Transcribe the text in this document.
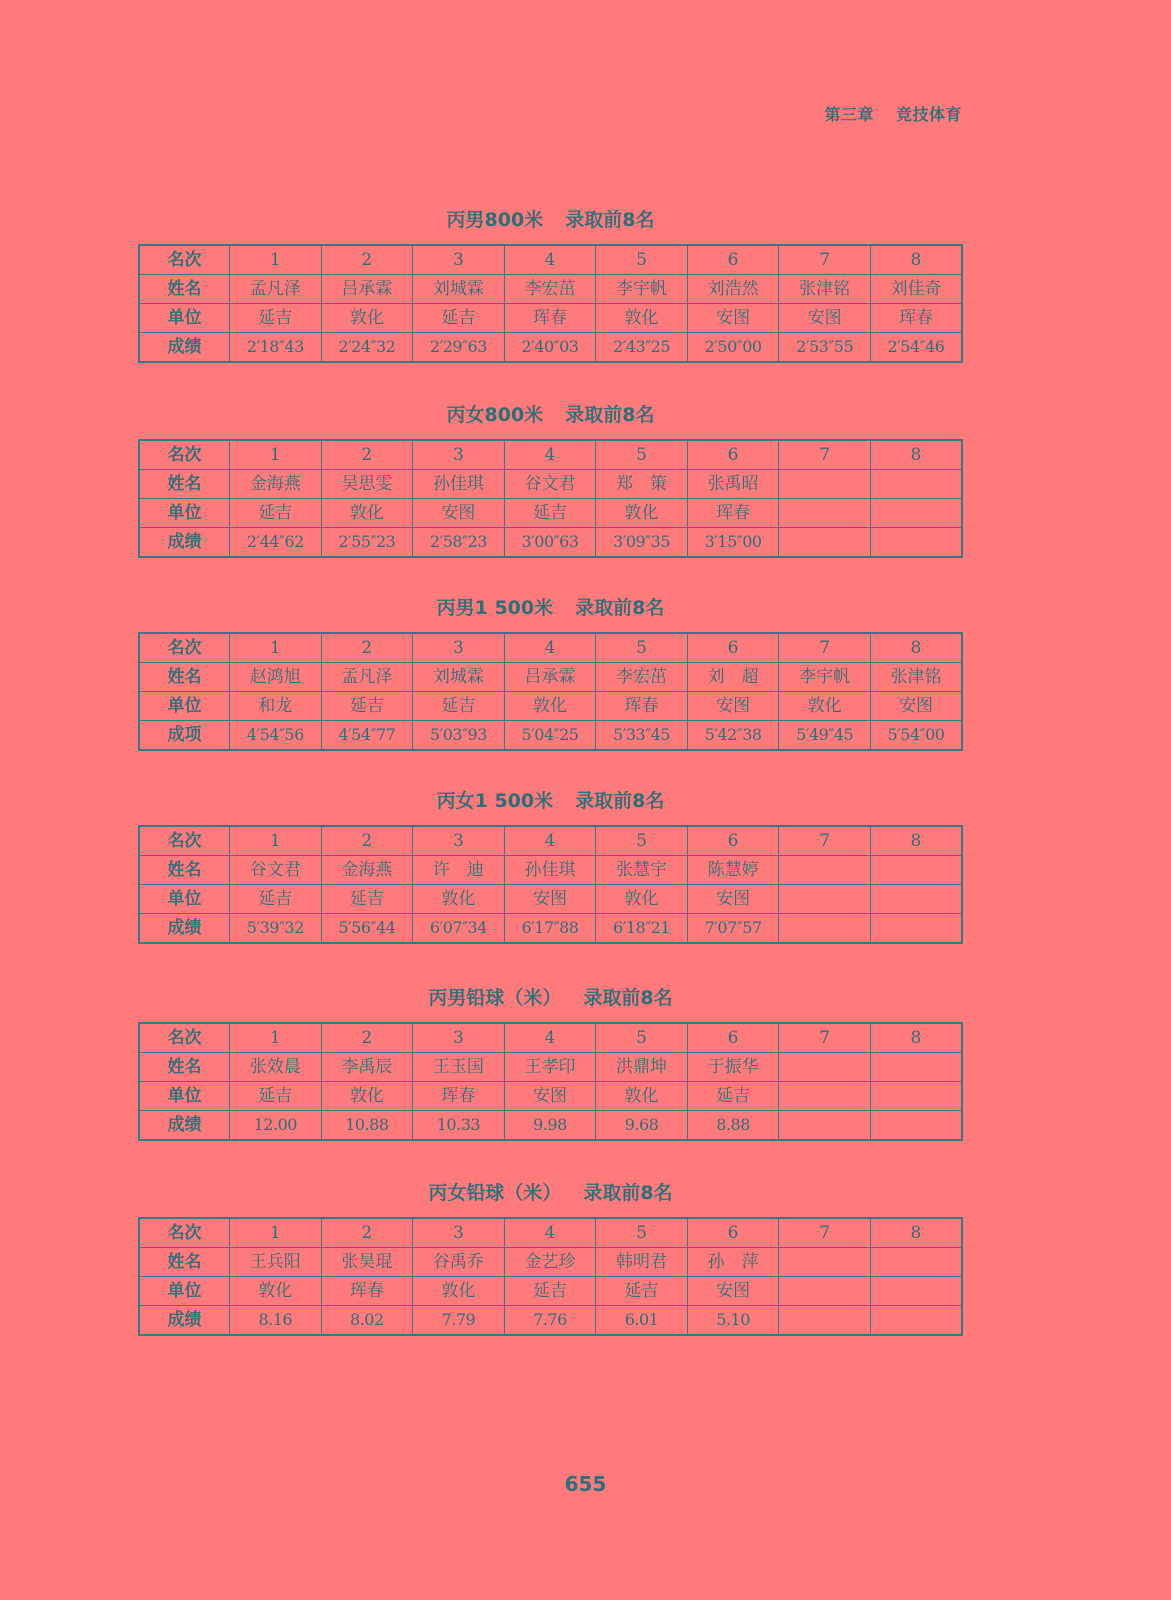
第三章 竞技体育
丙男800米 录取前8名
名次	1	2	3	4	5	6	7	8
姓名	孟凡泽	吕承霖	刘城霖	李宏茁	李宇帆	刘浩然	张津铭	刘佳奇
单位	延吉	敦化	延吉	珲春	敦化	安图	安图	珲春
成绩	2′18″43	2′24″32	2′29″63	2′40″03	2′43″25	2′50″00	2′53″55	2′54″46
丙女800米 录取前8名
名次	1	2	3	4	5	6	7	8
姓名	金海燕	吴思雯	孙佳琪	谷文君	郑　策	张禹昭		
单位	延吉	敦化	安图	延吉	敦化	珲春		
成绩	2′44″62	2′55″23	2′58″23	3′00″63	3′09″35	3′15″00		
丙男1 500米 录取前8名
名次	1	2	3	4	5	6	7	8
姓名	赵鸿旭	孟凡泽	刘城霖	吕承霖	李宏茁	刘　超	李宇帆	张津铭
单位	和龙	延吉	延吉	敦化	珲春	安图	敦化	安图
成项	4′54″56	4′54″77	5′03″93	5′04″25	5′33″45	5′42″38	5′49″45	5′54″00
丙女1 500米 录取前8名
名次	1	2	3	4	5	6	7	8
姓名	谷文君	金海燕	许　迪	孙佳琪	张慧宇	陈慧婷		
单位	延吉	延吉	敦化	安图	敦化	安图		
成绩	5′39″32	5′56″44	6′07″34	6′17″88	6′18″21	7′07″57		
丙男铅球（米） 录取前8名
名次	1	2	3	4	5	6	7	8
姓名	张效晨	李禹辰	王玉国	王孝印	洪鼎坤	于振华		
单位	延吉	敦化	珲春	安图	敦化	延吉		
成绩	12.00	10.88	10.33	9.98	9.68	8.88		
丙女铅球（米） 录取前8名
名次	1	2	3	4	5	6	7	8
姓名	王兵阳	张昊琨	谷禹乔	金艺珍	韩明君	孙　萍		
单位	敦化	珲春	敦化	延吉	延吉	安图		
成绩	8.16	8.02	7.79	7.76	6.01	5.10		
655
